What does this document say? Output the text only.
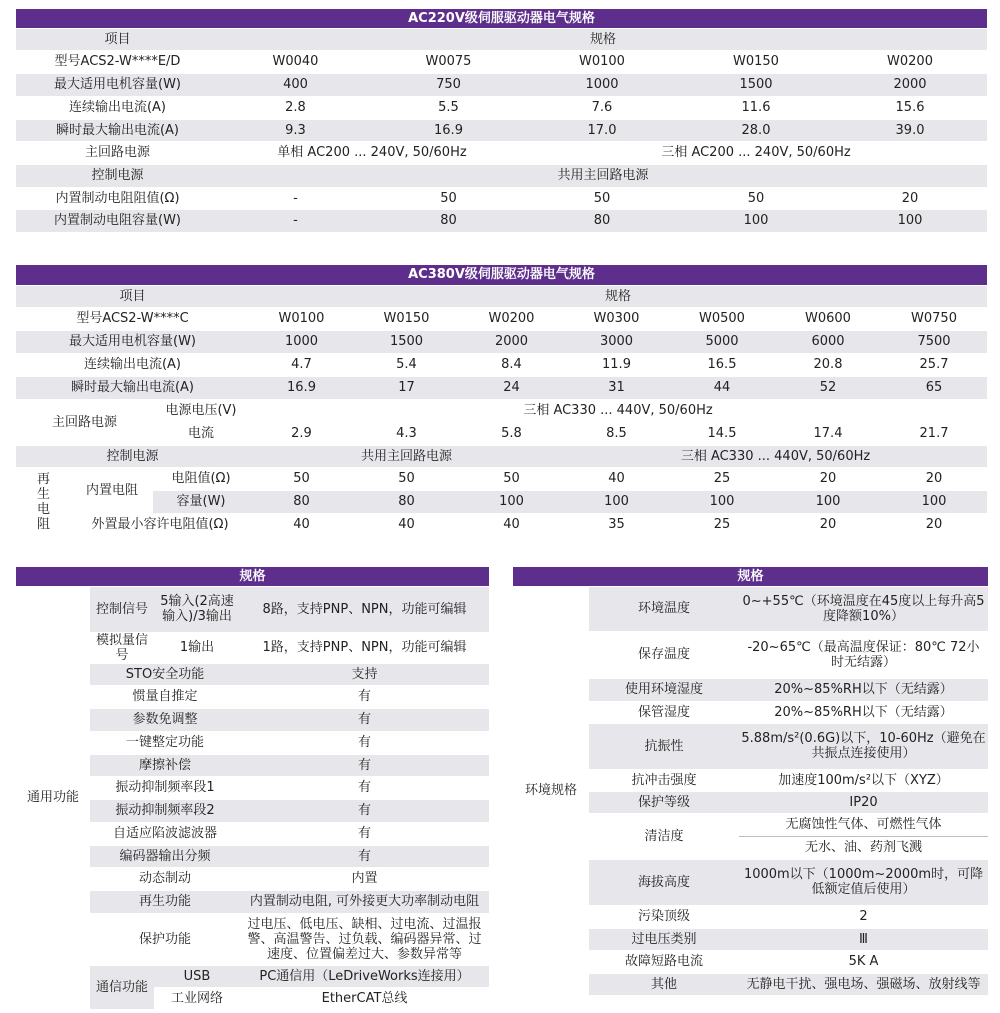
AC220V级伺服驱动器电气规格					
项目	规格				
型号ACS2-W****E/D	W0040	W0075	W0100	W0150	W0200
最大适用电机容量(W)	400	750	1000	1500	2000
连续输出电流(A)	2.8	5.5	7.6	11.6	15.6
瞬时最大输出电流(A)	9.3	16.9	17.0	28.0	39.0
主回路电源	单相 AC200 ... 240V, 50/60Hz		三相 AC200 ... 240V, 50/60Hz		
控制电源	共用主回路电源				
内置制动电阻阻值(Ω)	-	50	50	50	20
内置制动电阻容量(W)	-	80	80	100	100
AC380V级伺服驱动器电气规格									
项目			规格						
型号ACS2-W****C			W0100	W0150	W0200	W0300	W0500	W0600	W0750
最大适用电机容量(W)			1000	1500	2000	3000	5000	6000	7500
连续输出电流(A)			4.7	5.4	8.4	11.9	16.5	20.8	25.7
瞬时最大输出电流(A)			16.9	17	24	31	44	52	65
主回路电源		电源电压(V)	三相 AC330 ... 440V, 50/60Hz						
		电流	2.9	4.3	5.8	8.5	14.5	17.4	21.7
控制电源			共用主回路电源			三相 AC330 ... 440V, 50/60Hz			

再生电阻	内置电阻	电阻值(Ω)	50	50	50	40	25	20	20
		容量(W)	80	80	100	100	100	100	100
	外置最小容许电阻值(Ω)		40	40	40	35	25	20	20
规格			
通用功能	控制信号	5输入(2高速输入)/3输出	8路，支持PNP、NPN，功能可编辑
	模拟量信号	1输出	1路，支持PNP、NPN，功能可编辑
	STO安全功能		支持
	惯量自推定		有
	参数免调整		有
	一键整定功能		有
	摩擦补偿		有
	振动抑制频率段1		有
	振动抑制频率段2		有
	自适应陷波滤波器		有
	编码器输出分频		有
	动态制动		内置
	再生功能		内置制动电阻, 可外接更大功率制动电阻
	保护功能		过电压、低电压、缺相、过电流、过温报警、高温警告、过负载、编码器异常、过速度、位置偏差过大、参数异常等
	通信功能	USB	PC通信用（LeDriveWorks连接用）
		工业网络	EtherCAT总线
规格		
环境规格	环境温度	0~+55℃（环境温度在45度以上每升高5度降额10%）
	保存温度	-20~65℃（最高温度保证：80℃ 72小时无结露）
	使用环境湿度	20%~85%RH以下（无结露）
	保管湿度	20%~85%RH以下（无结露）
	抗振性	5.88m/s²(0.6G)以下，10-60Hz（避免在共振点连接使用）
	抗冲击强度	加速度100m/s²以下（XYZ）
	保护等级	IP20
	清洁度	无腐蚀性气体、可燃性气体
		无水、油、药剂飞溅
	海拔高度	1000m以下（1000m~2000m时，可降低额定值后使用）
	污染顶级	2
	过电压类别	Ⅲ
	故障短路电流	5K A
	其他	无静电干扰、强电场、强磁场、放射线等
